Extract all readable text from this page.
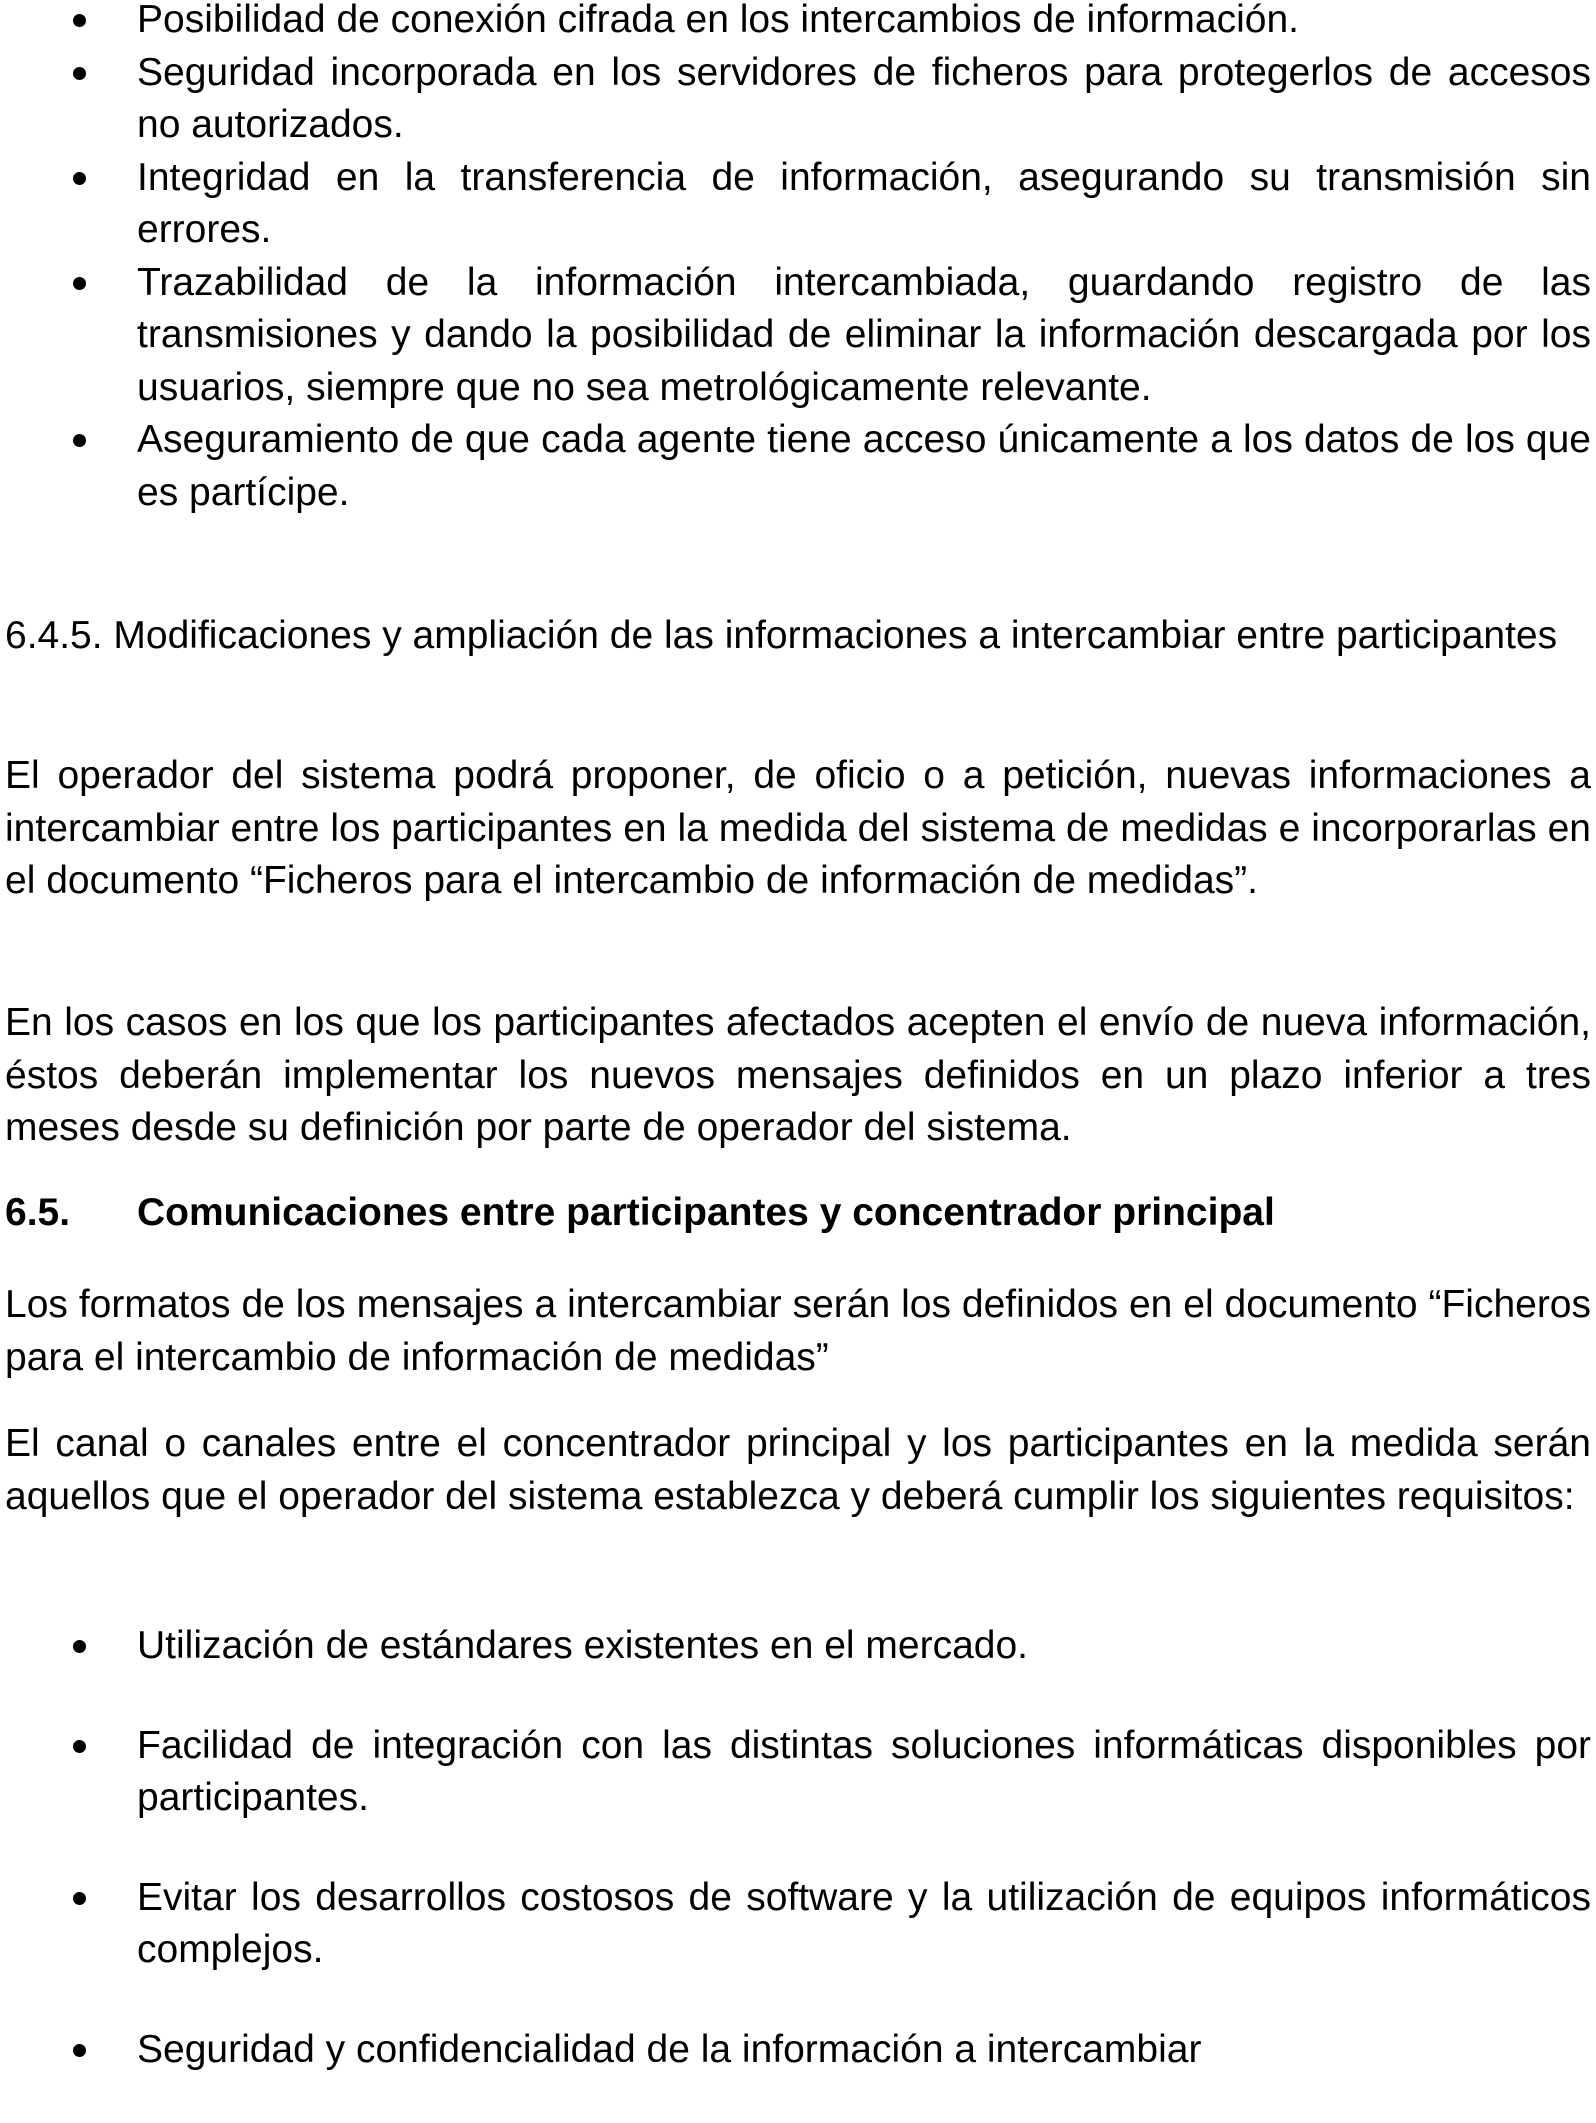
Posibilidad de conexión cifrada en los intercambios de información.
Seguridad incorporada en los servidores de ficheros para protegerlos de accesos no autorizados.
Integridad en la transferencia de información, asegurando su transmisión sin errores.
Trazabilidad de la información intercambiada, guardando registro de las transmisiones y dando la posibilidad de eliminar la información descargada por los usuarios, siempre que no sea metrológicamente relevante.
Aseguramiento de que cada agente tiene acceso únicamente a los datos de los que es partícipe.

6.4.5. Modificaciones y ampliación de las informaciones a intercambiar entre participantes

El operador del sistema podrá proponer, de oficio o a petición, nuevas informaciones a intercambiar entre los participantes en la medida del sistema de medidas e incorporarlas en el documento “Ficheros para el intercambio de información de medidas”.

En los casos en los que los participantes afectados acepten el envío de nueva información, éstos deberán implementar los nuevos mensajes definidos en un plazo inferior a tres meses desde su definición por parte de operador del sistema.

6.5. Comunicaciones entre participantes y concentrador principal

Los formatos de los mensajes a intercambiar serán los definidos en el documento “Ficheros para el intercambio de información de medidas”

El canal o canales entre el concentrador principal y los participantes en la medida serán aquellos que el operador del sistema establezca y deberá cumplir los siguientes requisitos:

Utilización de estándares existentes en el mercado.
Facilidad de integración con las distintas soluciones informáticas disponibles por participantes.
Evitar los desarrollos costosos de software y la utilización de equipos informáticos complejos.
Seguridad y confidencialidad de la información a intercambiar
